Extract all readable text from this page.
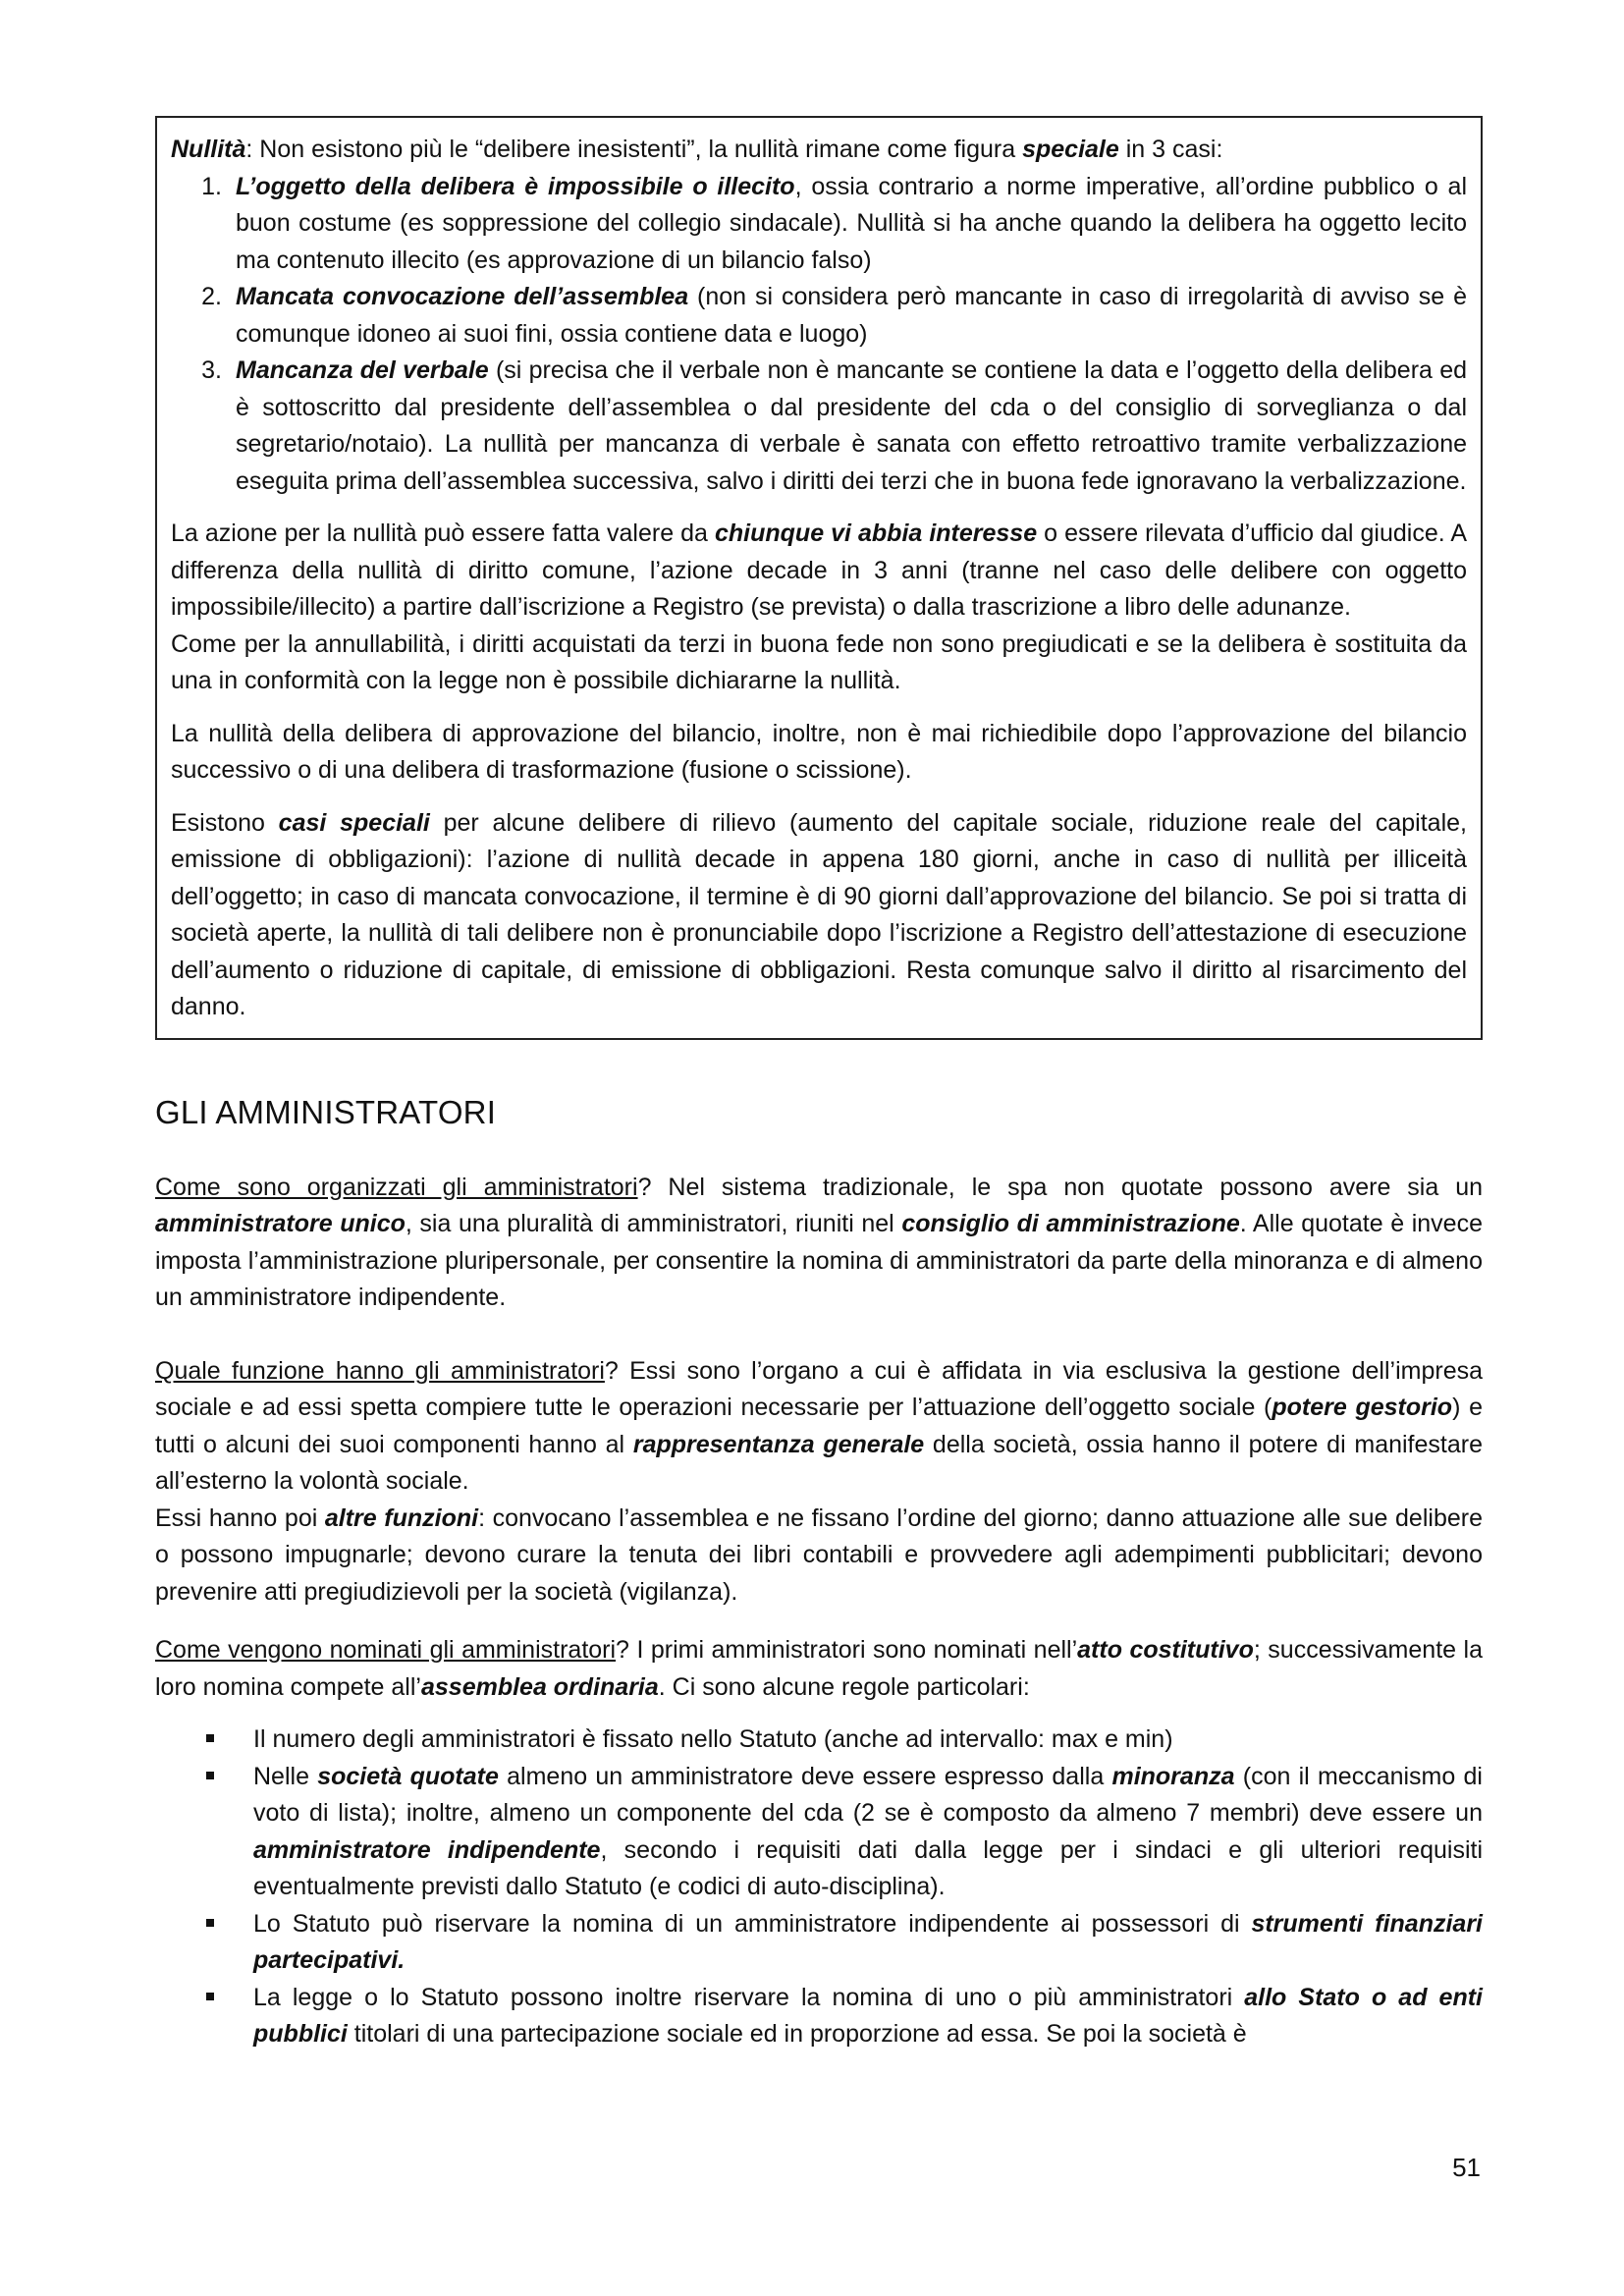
Nullità: Non esistono più le “delibere inesistenti”, la nullità rimane come figura speciale in 3 casi:

1. L’oggetto della delibera è impossibile o illecito, ossia contrario a norme imperative, all’ordine pubblico o al buon costume (es soppressione del collegio sindacale). Nullità si ha anche quando la delibera ha oggetto lecito ma contenuto illecito (es approvazione di un bilancio falso)
2. Mancata convocazione dell’assemblea (non si considera però mancante in caso di irregolarità di avviso se è comunque idoneo ai suoi fini, ossia contiene data e luogo)
3. Mancanza del verbale (si precisa che il verbale non è mancante se contiene la data e l’oggetto della delibera ed è sottoscritto dal presidente dell’assemblea o dal presidente del cda o del consiglio di sorveglianza o dal segretario/notaio). La nullità per mancanza di verbale è sanata con effetto retroattivo tramite verbalizzazione eseguita prima dell’assemblea successiva, salvo i diritti dei terzi che in buona fede ignoravano la verbalizzazione.

La azione per la nullità può essere fatta valere da chiunque vi abbia interesse o essere rilevata d’ufficio dal giudice. A differenza della nullità di diritto comune, l’azione decade in 3 anni (tranne nel caso delle delibere con oggetto impossibile/illecito) a partire dall’iscrizione a Registro (se prevista) o dalla trascrizione a libro delle adunanze.

Come per la annullabilità, i diritti acquistati da terzi in buona fede non sono pregiudicati e se la delibera è sostituita da una in conformità con la legge non è possibile dichiararne la nullità.

La nullità della delibera di approvazione del bilancio, inoltre, non è mai richiedibile dopo l’approvazione del bilancio successivo o di una delibera di trasformazione (fusione o scissione).

Esistono casi speciali per alcune delibere di rilievo (aumento del capitale sociale, riduzione reale del capitale, emissione di obbligazioni): l’azione di nullità decade in appena 180 giorni, anche in caso di nullità per illiceità dell’oggetto; in caso di mancata convocazione, il termine è di 90 giorni dall’approvazione del bilancio. Se poi si tratta di società aperte, la nullità di tali delibere non è pronunciabile dopo l’iscrizione a Registro dell’attestazione di esecuzione dell’aumento o riduzione di capitale, di emissione di obbligazioni. Resta comunque salvo il diritto al risarcimento del danno.

GLI AMMINISTRATORI

Come sono organizzati gli amministratori? Nel sistema tradizionale, le spa non quotate possono avere sia un amministratore unico, sia una pluralità di amministratori, riuniti nel consiglio di amministrazione. Alle quotate è invece imposta l’amministrazione pluripersonale, per consentire la nomina di amministratori da parte della minoranza e di almeno un amministratore indipendente.

Quale funzione hanno gli amministratori? Essi sono l’organo a cui è affidata in via esclusiva la gestione dell’impresa sociale e ad essi spetta compiere tutte le operazioni necessarie per l’attuazione dell’oggetto sociale (potere gestorio) e tutti o alcuni dei suoi componenti hanno al rappresentanza generale della società, ossia hanno il potere di manifestare all’esterno la volontà sociale.

Essi hanno poi altre funzioni: convocano l’assemblea e ne fissano l’ordine del giorno; danno attuazione alle sue delibere o possono impugnarle; devono curare la tenuta dei libri contabili e provvedere agli adempimenti pubblicitari; devono prevenire atti pregiudizievoli per la società (vigilanza).

Come vengono nominati gli amministratori? I primi amministratori sono nominati nell’atto costitutivo; successivamente la loro nomina compete all’assemblea ordinaria. Ci sono alcune regole particolari:

Il numero degli amministratori è fissato nello Statuto (anche ad intervallo: max e min)
Nelle società quotate almeno un amministratore deve essere espresso dalla minoranza (con il meccanismo di voto di lista); inoltre, almeno un componente del cda (2 se è composto da almeno 7 membri) deve essere un amministratore indipendente, secondo i requisiti dati dalla legge per i sindaci e gli ulteriori requisiti eventualmente previsti dallo Statuto (e codici di auto-disciplina).
Lo Statuto può riservare la nomina di un amministratore indipendente ai possessori di strumenti finanziari partecipativi.
La legge o lo Statuto possono inoltre riservare la nomina di uno o più amministratori allo Stato o ad enti pubblici titolari di una partecipazione sociale ed in proporzione ad essa. Se poi la società è
51
